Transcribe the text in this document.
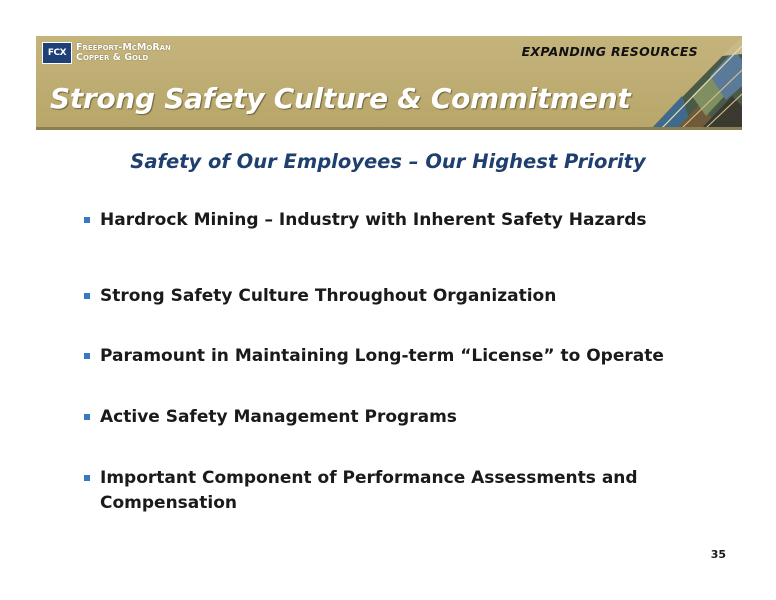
FCX	Freeport-McMoRan
Copper & Gold	EXPANDING RESOURCES
Strong Safety Culture & Commitment
Safety of Our Employees – Our Highest Priority
Hardrock Mining – Industry with Inherent Safety Hazards
Strong Safety Culture Throughout Organization
Paramount in Maintaining Long-term “License” to Operate
Active Safety Management Programs
Important Component of Performance Assessments and Compensation
35
